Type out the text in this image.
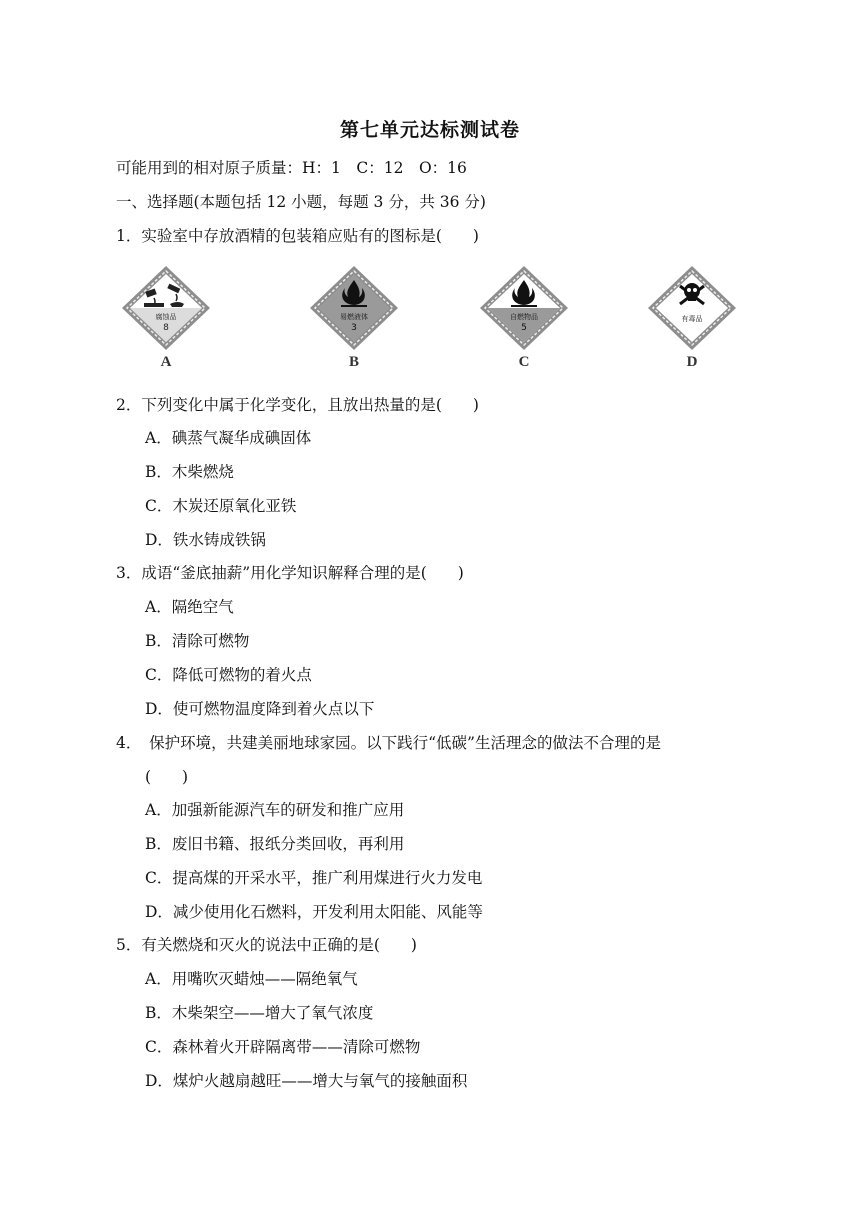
第七单元达标测试卷
可能用到的相对原子质量：H：1　C：12　O：16
一、选择题(本题包括 12 小题，每题 3 分，共 36 分)
1．实验室中存放酒精的包装箱应贴有的图标是(　　)
腐蚀品
8
A
易燃液体
3
B
自燃物品
5
C
有毒品
D
2．下列变化中属于化学变化，且放出热量的是(　　)
A．碘蒸气凝华成碘固体
B．木柴燃烧
C．木炭还原氧化亚铁
D．铁水铸成铁锅
3．成语“釜底抽薪”用化学知识解释合理的是(　　)
A．隔绝空气
B．清除可燃物
C．降低可燃物的着火点
D．使可燃物温度降到着火点以下
4．　保护环境，共建美丽地球家园。以下践行“低碳”生活理念的做法不合理的是
(　　)
A．加强新能源汽车的研发和推广应用
B．废旧书籍、报纸分类回收，再利用
C．提高煤的开采水平，推广利用煤进行火力发电
D．减少使用化石燃料，开发利用太阳能、风能等
5．有关燃烧和灭火的说法中正确的是(　　)
A．用嘴吹灭蜡烛——隔绝氧气
B．木柴架空——增大了氧气浓度
C．森林着火开辟隔离带——清除可燃物
D．煤炉火越扇越旺——增大与氧气的接触面积
